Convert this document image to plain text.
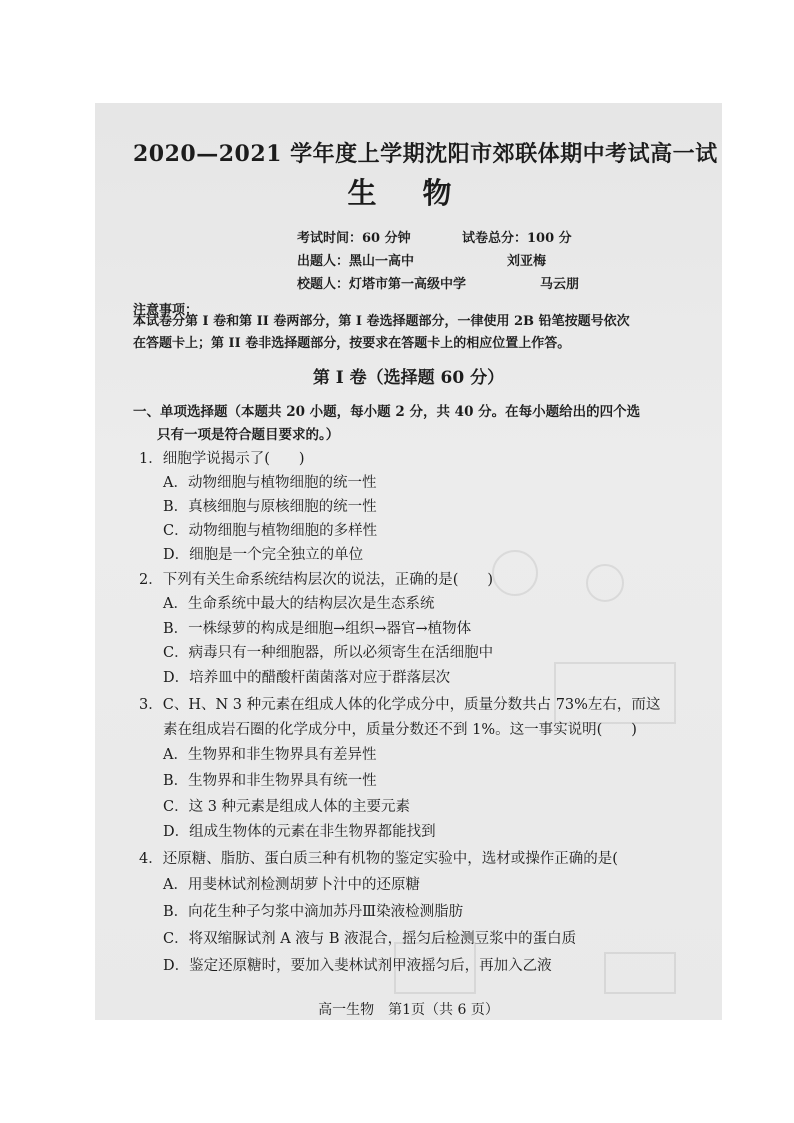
2020—2021 学年度上学期沈阳市郊联体期中考试高一试
生 物
考试时间：60 分钟	试卷总分：100 分
出题人：黑山一高中	刘亚梅
校题人：灯塔市第一高级中学	马云朋
注意事项：
本试卷分第 I 卷和第 II 卷两部分，第 I 卷选择题部分，一律使用 2B 铅笔按题号依次
在答题卡上；第 II 卷非选择题部分，按要求在答题卡上的相应位置上作答。
第 I 卷（选择题 60 分）
一、单项选择题（本题共 20 小题，每小题 2 分，共 40 分。在每小题给出的四个选
只有一项是符合题目要求的。）
1．细胞学说揭示了(　　)
A．动物细胞与植物细胞的统一性
B．真核细胞与原核细胞的统一性
C．动物细胞与植物细胞的多样性
D．细胞是一个完全独立的单位
2．下列有关生命系统结构层次的说法，正确的是(　　)
A．生命系统中最大的结构层次是生态系统
B．一株绿萝的构成是细胞→组织→器官→植物体
C．病毒只有一种细胞器，所以必须寄生在活细胞中
D．培养皿中的醋酸杆菌菌落对应于群落层次
3．C、H、N 3 种元素在组成人体的化学成分中，质量分数共占 73%左右，而这
素在组成岩石圈的化学成分中，质量分数还不到 1%。这一事实说明(　　)
A．生物界和非生物界具有差异性
B．生物界和非生物界具有统一性
C．这 3 种元素是组成人体的主要元素
D．组成生物体的元素在非生物界都能找到
4．还原糖、脂肪、蛋白质三种有机物的鉴定实验中，选材或操作正确的是(
A．用斐林试剂检测胡萝卜汁中的还原糖
B．向花生种子匀浆中滴加苏丹Ⅲ染液检测脂肪
C．将双缩脲试剂 A 液与 B 液混合，摇匀后检测豆浆中的蛋白质
D．鉴定还原糖时，要加入斐林试剂甲液摇匀后，再加入乙液
高一生物　第1页（共 6 页）
